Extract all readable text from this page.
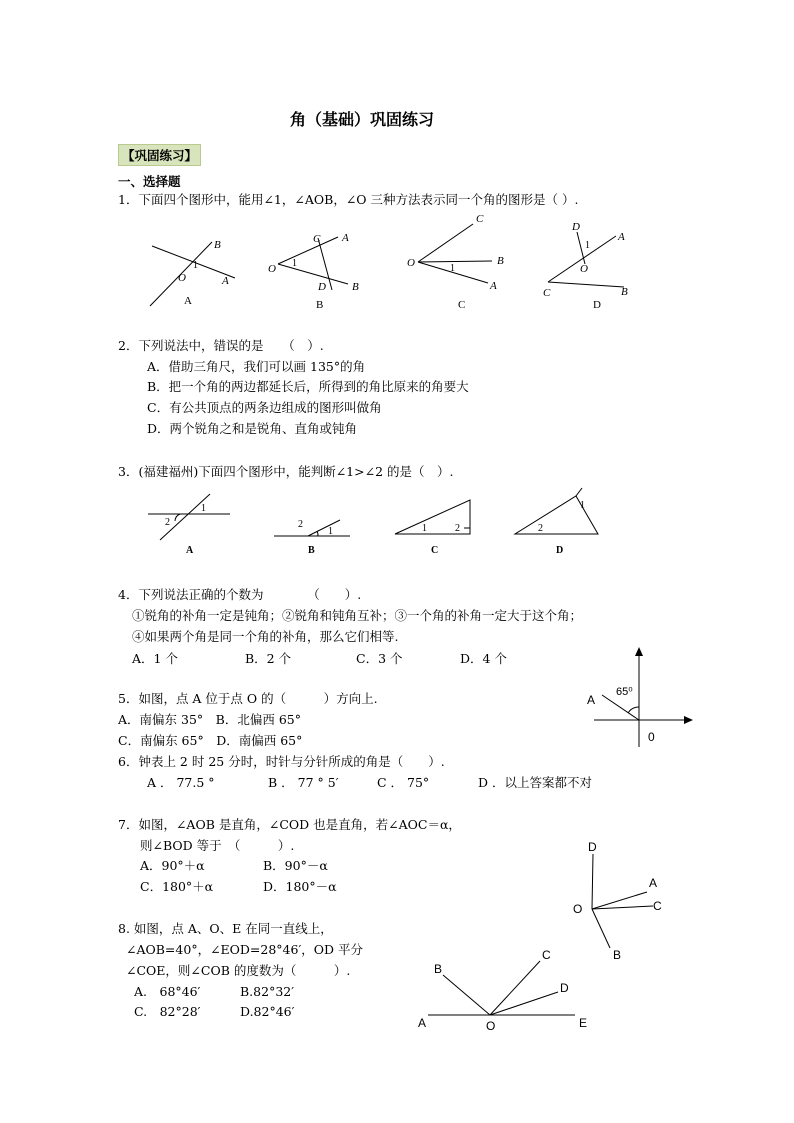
角（基础）巩固练习
【巩固练习】
一、选择题
1．下面四个图形中，能用∠1，∠AOB，∠O 三种方法表示同一个角的图形是（ ）.
B
1
O	A
A
C A
O 1
D B
B
C
O	1
B
A
C
D
1
A
O
C	B
D
2．下列说法中，错误的是　　（　）.
A．借助三角尺，我们可以画 135°的角
B．把一个角的两边都延长后，所得到的角比原来的角要大
C．有公共顶点的两条边组成的图形叫做角
D．两个锐角之和是锐角、直角或钝角
3．(福建福州)下面四个图形中，能判断∠1>∠2 的是（　）.
1
2
A
2
1
B
1	2
C
1
2
D
4．下列说法正确的个数为　　　　（　　）.
①锐角的补角一定是钝角；②锐角和钝角互补；③一个角的补角一定大于这个角；
④如果两个角是同一个角的补角，那么它们相等.
A．1 个	B．2 个	C．3 个	D．4 个
5．如图，点 A 位于点 O 的（　　　）方向上.
A．南偏东 35°　B．北偏西 65°
C．南偏东 65°　D．南偏西 65°
A
65⁰
0
6．钟表上 2 时 25 分时，时针与分针所成的角是（　　）.
A ． 77.5 °	B ． 77 ° 5′	C ． 75°	D ．以上答案都不对
7．如图，∠AOB 是直角，∠COD 也是直角，若∠AOC＝α，
则∠BOD 等于　（　　　）.
A．90°＋α	B．90°－α
C．180°＋α	D．180°－α
D
A
O	C
B
8. 如图，点 A、O、E 在同一直线上，
∠AOB=40°，∠EOD=28°46′，OD 平分
∠COE，则∠COB 的度数为（　　　）.
A.　68°46′	B.82°32′
C.　82°28′	D.82°46′
B
C
D
A	O	E
